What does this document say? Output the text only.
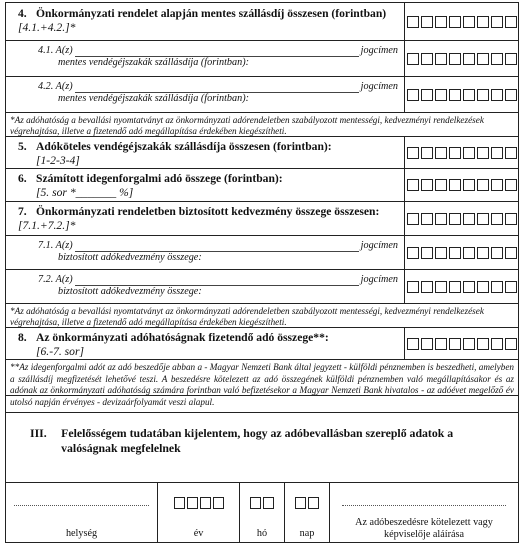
4. Önkormányzati rendelet alapján mentes szállásdíj összesen (forintban) [4.1.+4.2.]*
4.1. A(z)	jogcímen
mentes vendégéjszakák szállásdíja (forintban):
4.2. A(z)	jogcímen
mentes vendégéjszakák szállásdíja (forintban):
*Az adóhatóság a bevallási nyomtatványt az önkormányzati adórendeletben szabályozott mentességi, kedvezményi rendelkezések végrehajtása, illetve a fizetendő adó megállapítása érdekében kiegészítheti.
5. Adóköteles vendégéjszakák szállásdíja összesen (forintban):
[1-2-3-4]
6. Számított idegenforgalmi adó összege (forintban):
[5. sor *_______ %]
7. Önkormányzati rendeletben biztosított kedvezmény összege összesen: [7.1.+7.2.]*
7.1. A(z)	jogcímen
biztosított adókedvezmény összege:
7.2. A(z)	jogcímen
biztosított adókedvezmény összege:
*Az adóhatóság a bevallási nyomtatványt az önkormányzati adórendeletben szabályozott mentességi, kedvezményi rendelkezések végrehajtása, illetve a fizetendő adó megállapítása érdekében kiegészítheti.
8. Az önkormányzati adóhatóságnak fizetendő adó összege**:
[6.-7. sor]
**Az idegenforgalmi adót az adó beszedője abban a - Magyar Nemzeti Bank által jegyzett - külföldi pénznemben is beszedheti, amelyben a szállásdíj megfizetését lehetővé teszi. A beszedésre kötelezett az adó összegének külföldi pénznemben való megállapításakor és az adónak az önkormányzati adóhatóság számára forintban való befizetésekor a Magyar Nemzeti Bank hivatalos - az adóévet megelőző év utolsó napján érvényes - devizaárfolyamát veszi alapul.
III.	Felelősségem tudatában kijelentem, hogy az adóbevallásban szereplő adatok a valóságnak megfelelnek
helység	év	hó	nap
Az adóbeszedésre kötelezett vagy képviselője aláírása
